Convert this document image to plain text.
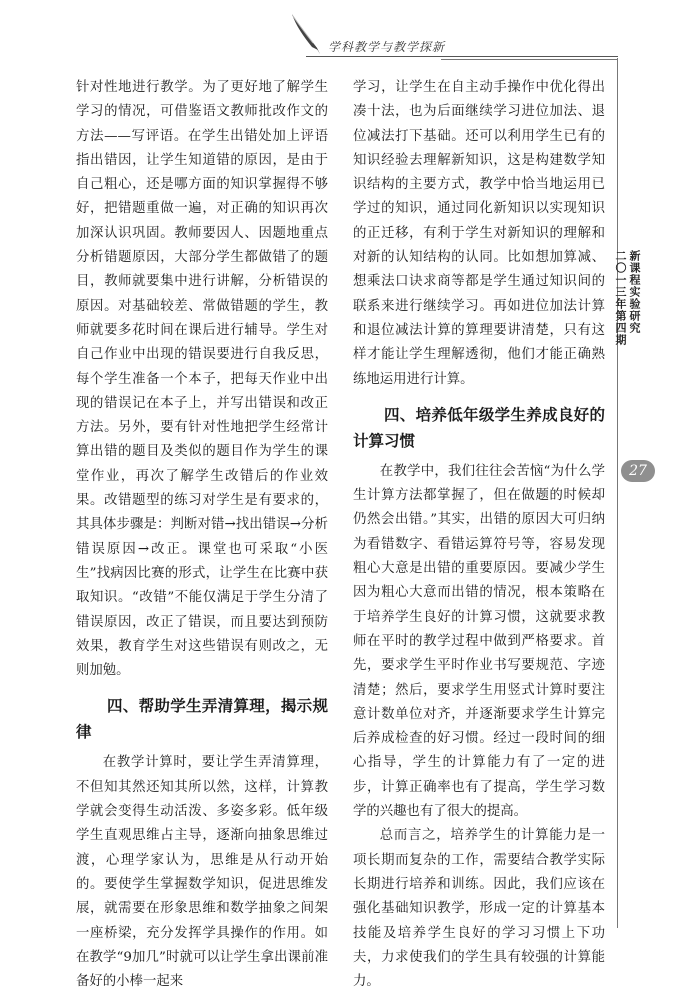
学科教学与教学探新

针对性地进行教学。为了更好地了解学生学习的情况，可借鉴语文教师批改作文的方法——写评语。在学生出错处加上评语指出错因，让学生知道错的原因，是由于自己粗心，还是哪方面的知识掌握得不够好，把错题重做一遍，对正确的知识再次加深认识巩固。教师要因人、因题地重点分析错题原因，大部分学生都做错了的题目，教师就要集中进行讲解，分析错误的原因。对基础较差、常做错题的学生，教师就要多花时间在课后进行辅导。学生对自己作业中出现的错误要进行自我反思，每个学生准备一个本子，把每天作业中出现的错误记在本子上，并写出错误和改正方法。另外，要有针对性地把学生经常计算出错的题目及类似的题目作为学生的课堂作业，再次了解学生改错后的作业效果。改错题型的练习对学生是有要求的，其具体步骤是：判断对错→找出错误→分析错误原因→改正。课堂也可采取“小医生”找病因比赛的形式，让学生在比赛中获取知识。“改错”不能仅满足于学生分清了错误原因，改正了错误，而且要达到预防效果，教育学生对这些错误有则改之，无则加勉。

四、帮助学生弄清算理，揭示规律

在教学计算时，要让学生弄清算理，不但知其然还知其所以然，这样，计算教学就会变得生动活泼、多姿多彩。低年级学生直观思维占主导，逐渐向抽象思维过渡，心理学家认为，思维是从行动开始的。要使学生掌握数学知识，促进思维发展，就需要在形象思维和数学抽象之间架一座桥梁，充分发挥学具操作的作用。如在教学“9加几”时就可以让学生拿出课前准备好的小棒一起来

学习，让学生在自主动手操作中优化得出凑十法，也为后面继续学习进位加法、退位减法打下基础。还可以利用学生已有的知识经验去理解新知识，这是构建数学知识结构的主要方式，教学中恰当地运用已学过的知识，通过同化新知识以实现知识的正迁移，有利于学生对新知识的理解和对新的认知结构的认同。比如想加算减、想乘法口诀求商等都是学生通过知识间的联系来进行继续学习。再如进位加法计算和退位减法计算的算理要讲清楚，只有这样才能让学生理解透彻，他们才能正确熟练地运用进行计算。

四、培养低年级学生养成良好的计算习惯

在教学中，我们往往会苦恼“为什么学生计算方法都掌握了，但在做题的时候却仍然会出错。”其实，出错的原因大可归纳为看错数字、看错运算符号等，容易发现粗心大意是出错的重要原因。要减少学生因为粗心大意而出错的情况，根本策略在于培养学生良好的计算习惯，这就要求教师在平时的教学过程中做到严格要求。首先，要求学生平时作业书写要规范、字迹清楚；然后，要求学生用竖式计算时要注意计数单位对齐，并逐渐要求学生计算完后养成检查的好习惯。经过一段时间的细心指导，学生的计算能力有了一定的进步，计算正确率也有了提高，学生学习数学的兴趣也有了很大的提高。

总而言之，培养学生的计算能力是一项长期而复杂的工作，需要结合教学实际长期进行培养和训练。因此，我们应该在强化基础知识教学，形成一定的计算基本技能及培养学生良好的学习习惯上下功夫，力求使我们的学生具有较强的计算能力。

新课程实验研究
二〇一三年第四期
27
